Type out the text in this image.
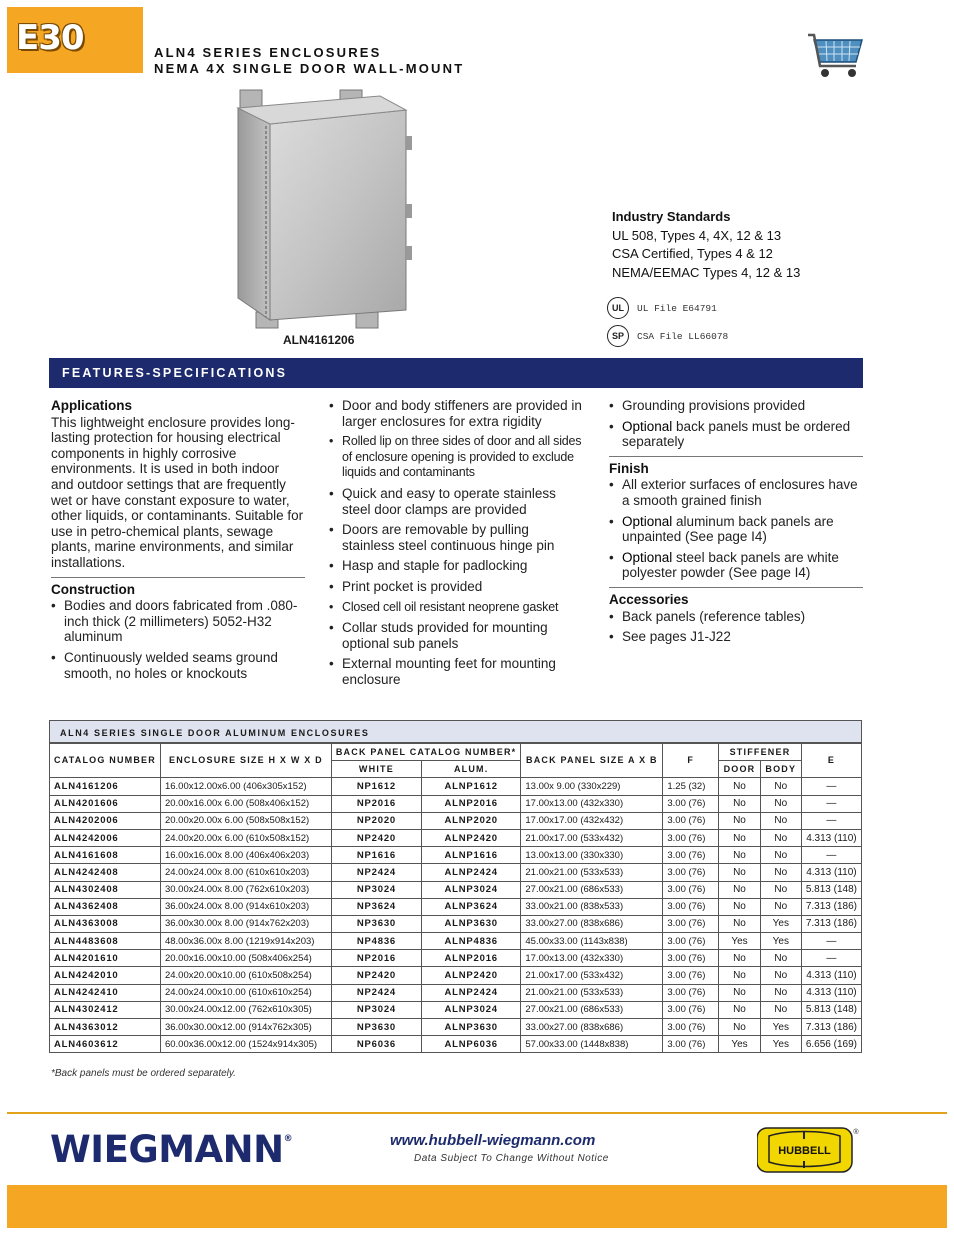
E30	ALN4 SERIES ENCLOSURES
NEMA 4X SINGLE DOOR WALL-MOUNT
ALN4161206
Industry Standards
UL 508, Types 4, 4X, 12 & 13
CSA Certified, Types 4 & 12
NEMA/EEMAC Types 4, 12 & 13
UL	UL File E64791
SP	CSA File LL66078
FEATURES-SPECIFICATIONS
Applications
This lightweight enclosure provides long-lasting protection for housing electrical components in highly corrosive environments. It is used in both indoor and outdoor settings that are frequently wet or have constant exposure to water, other liquids, or contaminants. Suitable for use in petro-chemical plants, sewage plants, marine environments, and similar installations.
Construction
• Bodies and doors fabricated from .080-inch thick (2 millimeters) 5052-H32 aluminum
• Continuously welded seams ground smooth, no holes or knockouts
• Door and body stiffeners are provided in larger enclosures for extra rigidity
• Rolled lip on three sides of door and all sides of enclosure opening is provided to exclude liquids and contaminants
• Quick and easy to operate stainless steel door clamps are provided
• Doors are removable by pulling stainless steel continuous hinge pin
• Hasp and staple for padlocking
• Print pocket is provided
• Closed cell oil resistant neoprene gasket
• Collar studs provided for mounting optional sub panels
• External mounting feet for mounting enclosure
• Grounding provisions provided
• Optional back panels must be ordered separately
Finish
• All exterior surfaces of enclosures have a smooth grained finish
• Optional aluminum back panels are unpainted (See page I4)
• Optional steel back panels are white polyester powder (See page I4)
Accessories
• Back panels (reference tables)
• See pages J1-J22
ALN4 SERIES SINGLE DOOR ALUMINUM ENCLOSURES
CATALOG NUMBER	ENCLOSURE SIZE H X W X D	BACK PANEL CATALOG NUMBER*		BACK PANEL SIZE A X B	F	STIFFENER		E
		WHITE	ALUM.			DOOR	BODY	
ALN4161206	16.00x12.00x6.00 (406x305x152)	NP1612	ALNP1612	13.00x 9.00 (330x229)	1.25 (32)	No	No	—
ALN4201606	20.00x16.00x 6.00 (508x406x152)	NP2016	ALNP2016	17.00x13.00 (432x330)	3.00 (76)	No	No	—
ALN4202006	20.00x20.00x 6.00 (508x508x152)	NP2020	ALNP2020	17.00x17.00 (432x432)	3.00 (76)	No	No	—
ALN4242006	24.00x20.00x 6.00 (610x508x152)	NP2420	ALNP2420	21.00x17.00 (533x432)	3.00 (76)	No	No	4.313 (110)
ALN4161608	16.00x16.00x 8.00 (406x406x203)	NP1616	ALNP1616	13.00x13.00 (330x330)	3.00 (76)	No	No	—
ALN4242408	24.00x24.00x 8.00 (610x610x203)	NP2424	ALNP2424	21.00x21.00 (533x533)	3.00 (76)	No	No	4.313 (110)
ALN4302408	30.00x24.00x 8.00 (762x610x203)	NP3024	ALNP3024	27.00x21.00 (686x533)	3.00 (76)	No	No	5.813 (148)
ALN4362408	36.00x24.00x 8.00 (914x610x203)	NP3624	ALNP3624	33.00x21.00 (838x533)	3.00 (76)	No	No	7.313 (186)
ALN4363008	36.00x30.00x 8.00 (914x762x203)	NP3630	ALNP3630	33.00x27.00 (838x686)	3.00 (76)	No	Yes	7.313 (186)
ALN4483608	48.00x36.00x 8.00 (1219x914x203)	NP4836	ALNP4836	45.00x33.00 (1143x838)	3.00 (76)	Yes	Yes	—
ALN4201610	20.00x16.00x10.00 (508x406x254)	NP2016	ALNP2016	17.00x13.00 (432x330)	3.00 (76)	No	No	—
ALN4242010	24.00x20.00x10.00 (610x508x254)	NP2420	ALNP2420	21.00x17.00 (533x432)	3.00 (76)	No	No	4.313 (110)
ALN4242410	24.00x24.00x10.00 (610x610x254)	NP2424	ALNP2424	21.00x21.00 (533x533)	3.00 (76)	No	No	4.313 (110)
ALN4302412	30.00x24.00x12.00 (762x610x305)	NP3024	ALNP3024	27.00x21.00 (686x533)	3.00 (76)	No	No	5.813 (148)
ALN4363012	36.00x30.00x12.00 (914x762x305)	NP3630	ALNP3630	33.00x27.00 (838x686)	3.00 (76)	No	Yes	7.313 (186)
ALN4603612	60.00x36.00x12.00 (1524x914x305)	NP6036	ALNP6036	57.00x33.00 (1448x838)	3.00 (76)	Yes	Yes	6.656 (169)
*Back panels must be ordered separately.
WIEGMANN®	www.hubbell-wiegmann.com
Data Subject To Change Without Notice
HUBBELL
®
